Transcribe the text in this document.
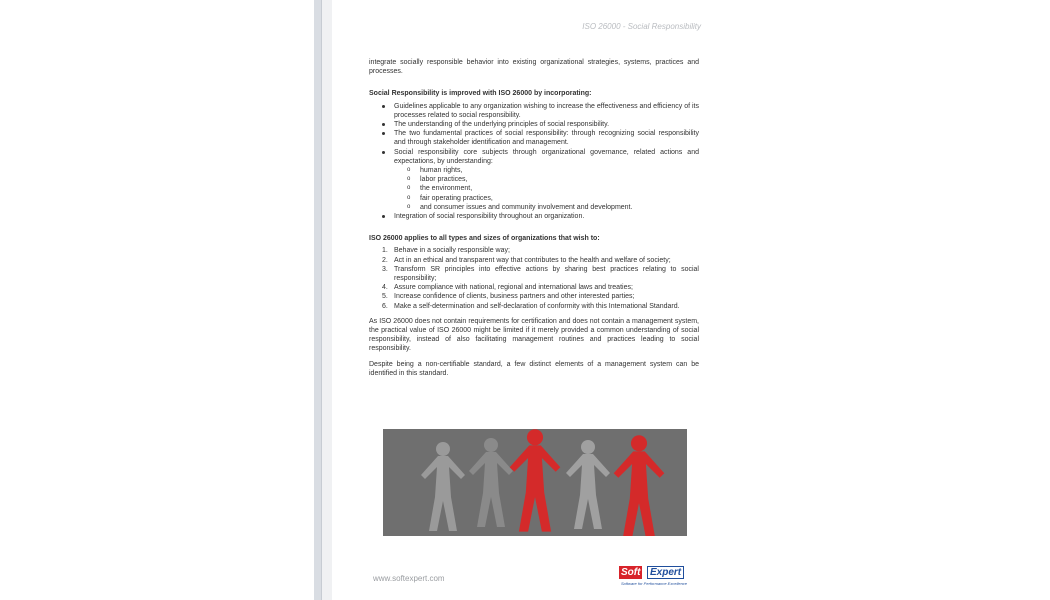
ISO 26000 - Social Responsibility

integrate socially responsible behavior into existing organizational strategies, systems, practices and processes.

Social Responsibility is improved with ISO 26000 by incorporating:

Guidelines applicable to any organization wishing to increase the effectiveness and efficiency of its processes related to social responsibility.
The understanding of the underlying principles of social responsibility.
The two fundamental practices of social responsibility: through recognizing social responsibility and through stakeholder identification and management.
Social responsibility core subjects through organizational governance, related actions and expectations, by understanding:
o human rights,
o labor practices,
o the environment,
o fair operating practices,
o and consumer issues and community involvement and development.
Integration of social responsibility throughout an organization.

ISO 26000 applies to all types and sizes of organizations that wish to:

1. Behave in a socially responsible way;
2. Act in an ethical and transparent way that contributes to the health and welfare of society;
3. Transform SR principles into effective actions by sharing best practices relating to social responsibility;
4. Assure compliance with national, regional and international laws and treaties;
5. Increase confidence of clients, business partners and other interested parties;
6. Make a self-determination and self-declaration of conformity with this International Standard.

As ISO 26000 does not contain requirements for certification and does not contain a management system, the practical value of ISO 26000 might be limited if it merely provided a common understanding of social responsibility, instead of also facilitating management routines and practices leading to social responsibility.

Despite being a non-certifiable standard, a few distinct elements of a management system can be identified in this standard.

www.softexpert.com
Soft Expert
Software for Performance Excellence
